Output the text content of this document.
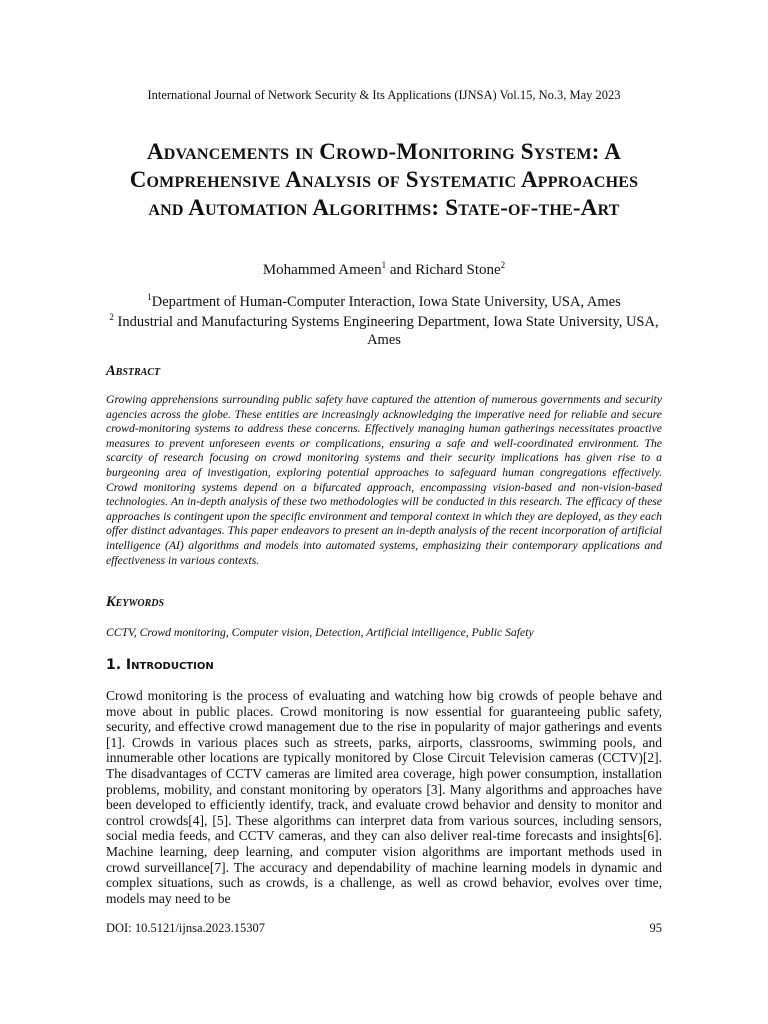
International Journal of Network Security & Its Applications (IJNSA) Vol.15, No.3, May 2023
Advancements in Crowd-Monitoring System: A Comprehensive Analysis of Systematic Approaches and Automation Algorithms: State-of-the-Art
Mohammed Ameen$^1$ and Richard Stone$^2$
$^1$Department of Human-Computer Interaction, Iowa State University, USA, Ames
$^2$ Industrial and Manufacturing Systems Engineering Department, Iowa State University, USA, Ames
Abstract
Growing apprehensions surrounding public safety have captured the attention of numerous governments and security agencies across the globe. These entities are increasingly acknowledging the imperative need for reliable and secure crowd-monitoring systems to address these concerns. Effectively managing human gatherings necessitates proactive measures to prevent unforeseen events or complications, ensuring a safe and well-coordinated environment. The scarcity of research focusing on crowd monitoring systems and their security implications has given rise to a burgeoning area of investigation, exploring potential approaches to safeguard human congregations effectively. Crowd monitoring systems depend on a bifurcated approach, encompassing vision-based and non-vision-based technologies. An in-depth analysis of these two methodologies will be conducted in this research. The efficacy of these approaches is contingent upon the specific environment and temporal context in which they are deployed, as they each offer distinct advantages. This paper endeavors to present an in-depth analysis of the recent incorporation of artificial intelligence (AI) algorithms and models into automated systems, emphasizing their contemporary applications and effectiveness in various contexts.
Keywords
CCTV, Crowd monitoring, Computer vision, Detection, Artificial intelligence, Public Safety
1. Introduction
Crowd monitoring is the process of evaluating and watching how big crowds of people behave and move about in public places. Crowd monitoring is now essential for guaranteeing public safety, security, and effective crowd management due to the rise in popularity of major gatherings and events [1]. Crowds in various places such as streets, parks, airports, classrooms, swimming pools, and innumerable other locations are typically monitored by Close Circuit Television cameras (CCTV)[2]. The disadvantages of CCTV cameras are limited area coverage, high power consumption, installation problems, mobility, and constant monitoring by operators [3]. Many algorithms and approaches have been developed to efficiently identify, track, and evaluate crowd behavior and density to monitor and control crowds[4], [5]. These algorithms can interpret data from various sources, including sensors, social media feeds, and CCTV cameras, and they can also deliver real-time forecasts and insights[6]. Machine learning, deep learning, and computer vision algorithms are important methods used in crowd surveillance[7]. The accuracy and dependability of machine learning models in dynamic and complex situations, such as crowds, is a challenge, as well as crowd behavior, evolves over time, models may need to be
DOI: 10.5121/ijnsa.2023.15307	95
